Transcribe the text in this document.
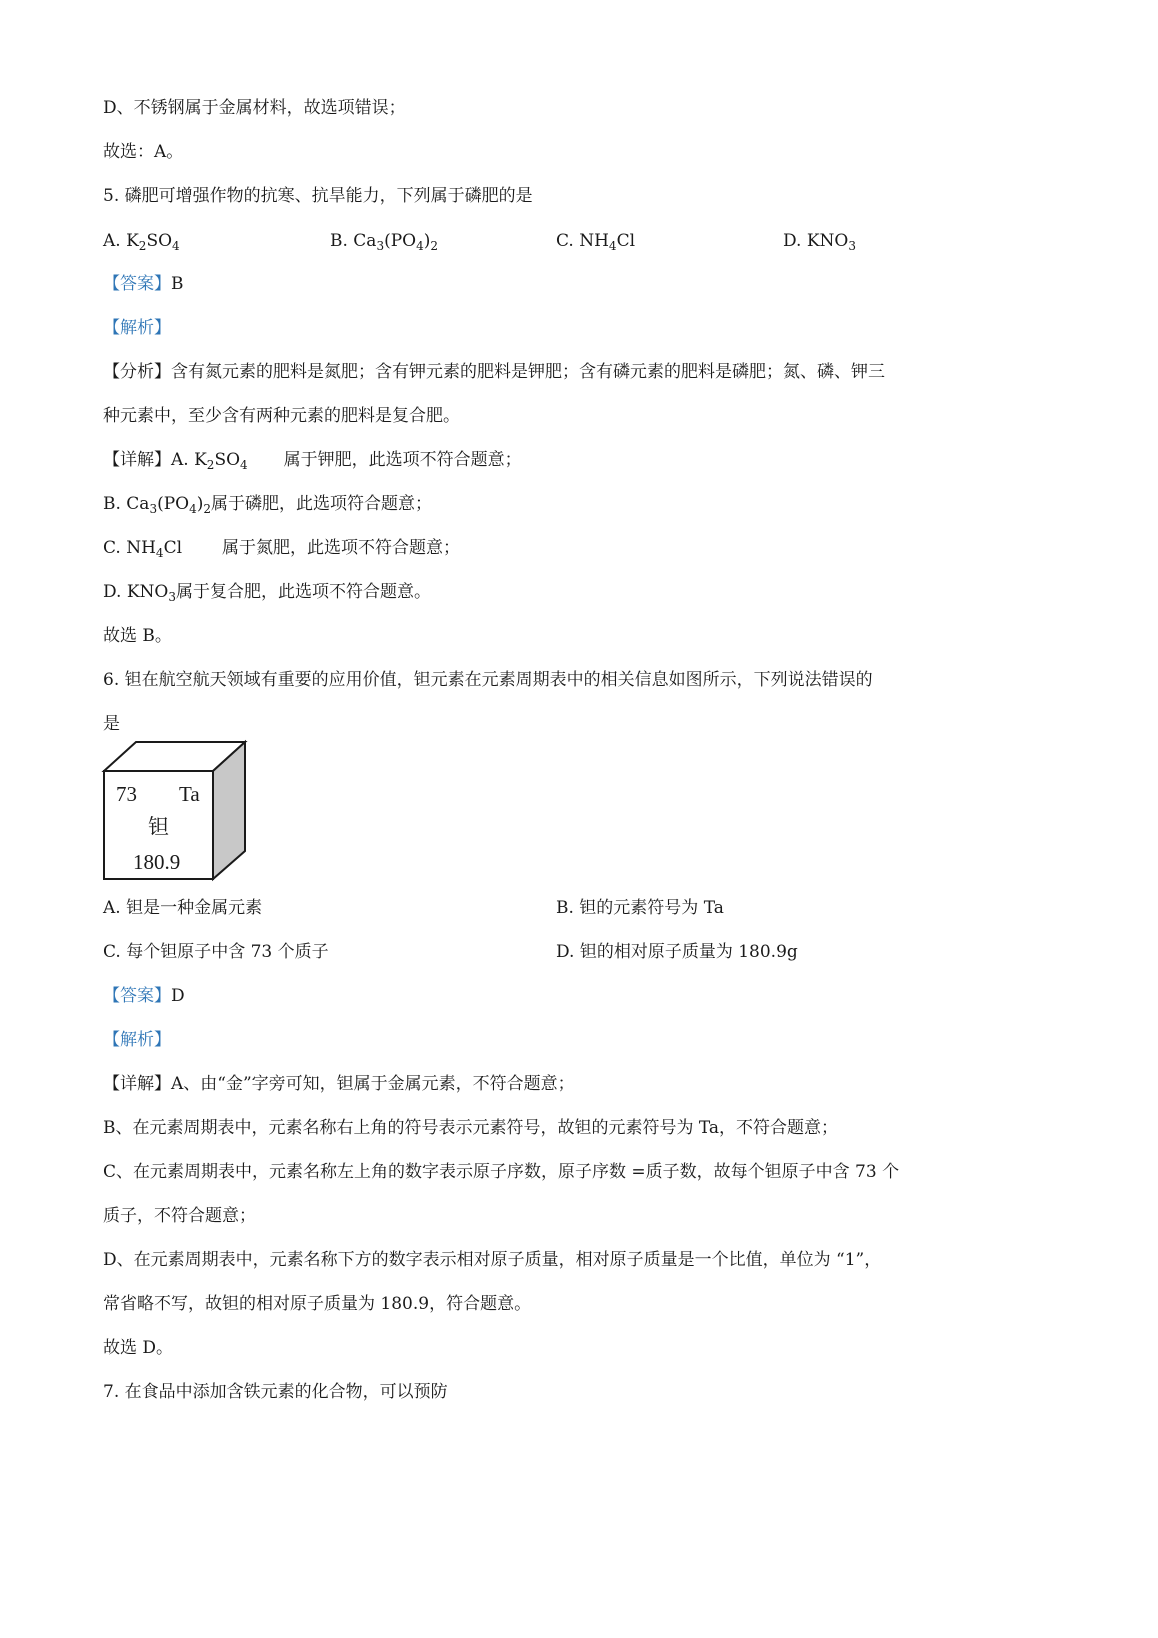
D、不锈钢属于金属材料，故选项错误；
故选：A。
5. 磷肥可增强作物的抗寒、抗旱能力，下列属于磷肥的是
A. $K_2SO_4$	B. $Ca_3(PO_4)_2$	C. $NH_4Cl$	D. $KNO_3$
【答案】B
【解析】
【分析】含有氮元素的肥料是氮肥；含有钾元素的肥料是钾肥；含有磷元素的肥料是磷肥；氮、磷、钾三
种元素中，至少含有两种元素的肥料是复合肥。
【详解】A. $K_2SO_4$ 属于钾肥，此选项不符合题意；
B. $Ca_3(PO_4)_2$属于磷肥，此选项符合题意；
C. $NH_4Cl$ 属于氮肥，此选项不符合题意；
D. $KNO_3$属于复合肥，此选项不符合题意。
故选 B。
6. 钽在航空航天领域有重要的应用价值，钽元素在元素周期表中的相关信息如图所示，下列说法错误的
是
73 Ta
钽
180.9
A. 钽是一种金属元素	B. 钽的元素符号为 Ta
C. 每个钽原子中含 73 个质子	D. 钽的相对原子质量为 180.9g
【答案】D
【解析】
【详解】A、由“金”字旁可知，钽属于金属元素，不符合题意；
B、在元素周期表中，元素名称右上角的符号表示元素符号，故钽的元素符号为 Ta，不符合题意；
C、在元素周期表中，元素名称左上角的数字表示原子序数，原子序数 =质子数，故每个钽原子中含 73 个
质子，不符合题意；
D、在元素周期表中，元素名称下方的数字表示相对原子质量，相对原子质量是一个比值，单位为 “1”，
常省略不写，故钽的相对原子质量为 180.9，符合题意。
故选 D。
7. 在食品中添加含铁元素的化合物，可以预防
